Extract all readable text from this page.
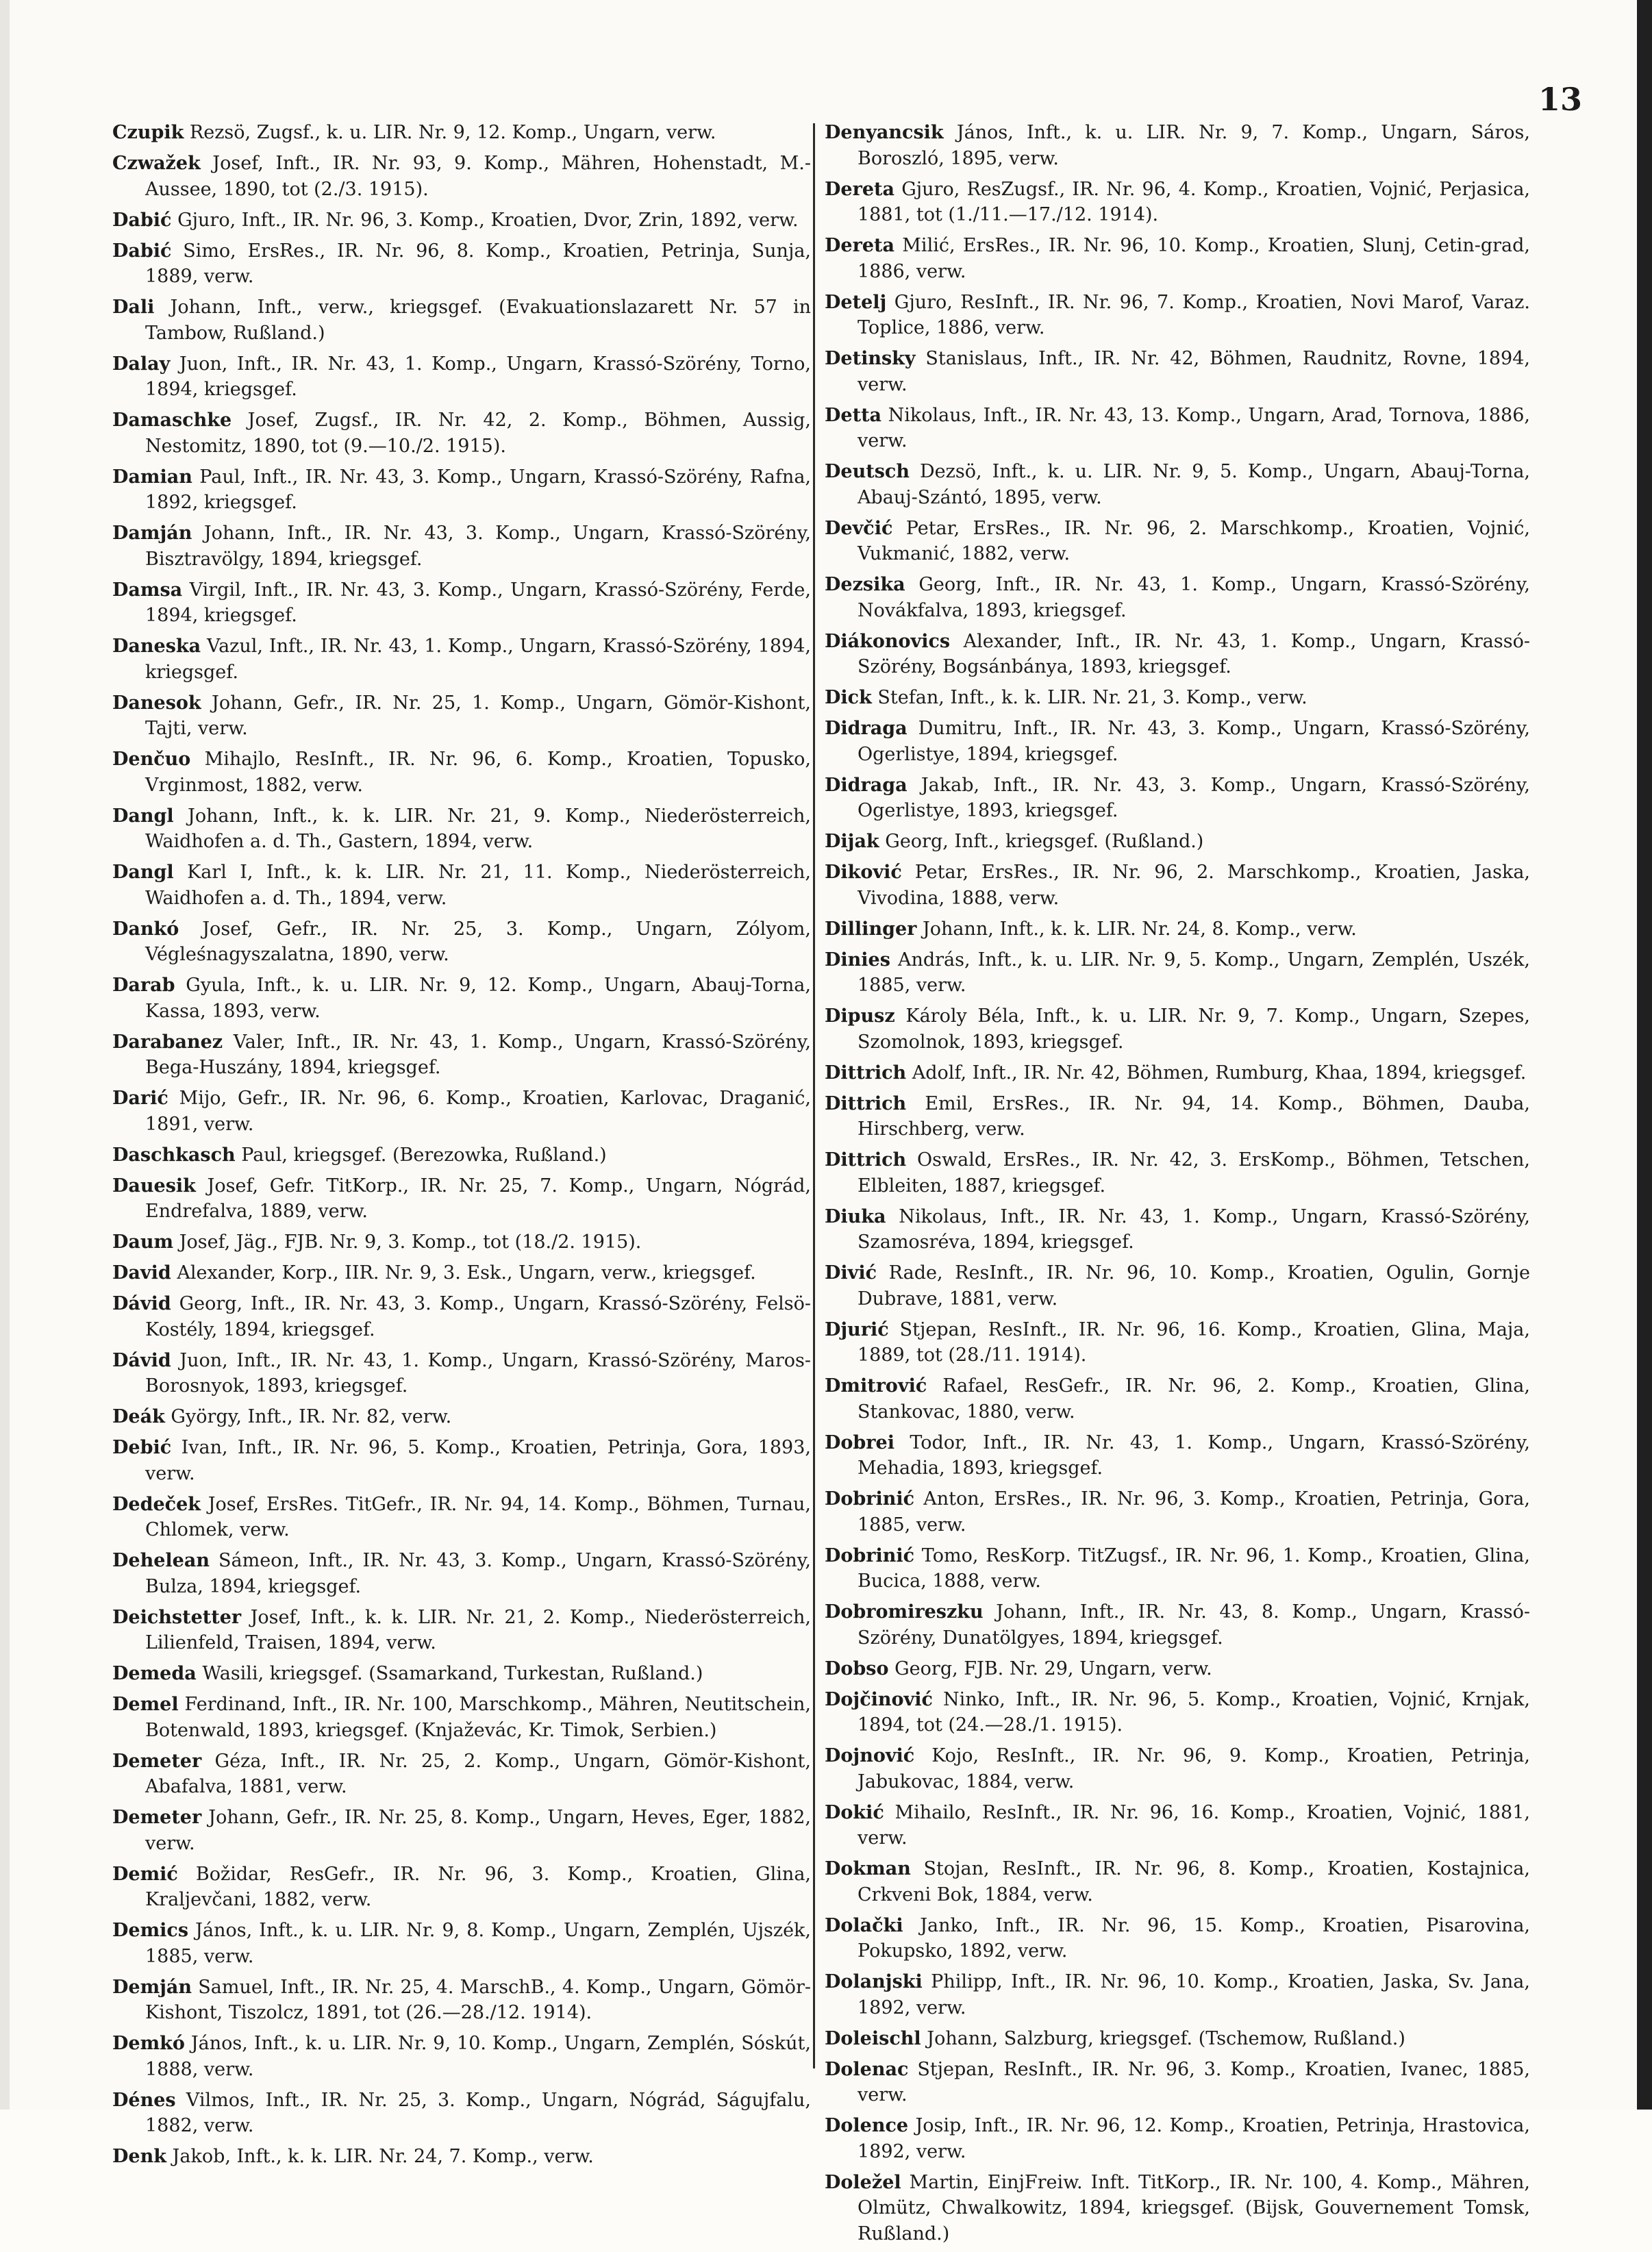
13

Czupik Rezsö, Zugsf., k. u. LIR. Nr. 9, 12. Komp., Ungarn, verw.

Czwažek Josef, Inft., IR. Nr. 93, 9. Komp., Mähren, Hohenstadt, M.-Aussee, 1890, tot (2./3. 1915).

Dabić Gjuro, Inft., IR. Nr. 96, 3. Komp., Kroatien, Dvor, Zrin, 1892, verw.

Dabić Simo, ErsRes., IR. Nr. 96, 8. Komp., Kroatien, Petrinja, Sunja, 1889, verw.

Dali Johann, Inft., verw., kriegsgef. (Evakuationslazarett Nr. 57 in Tambow, Rußland.)

Dalay Juon, Inft., IR. Nr. 43, 1. Komp., Ungarn, Krassó-Szörény, Torno, 1894, kriegsgef.

Damaschke Josef, Zugsf., IR. Nr. 42, 2. Komp., Böhmen, Aussig, Nestomitz, 1890, tot (9.—10./2. 1915).

Damian Paul, Inft., IR. Nr. 43, 3. Komp., Ungarn, Krassó-Szörény, Rafna, 1892, kriegsgef.

Damján Johann, Inft., IR. Nr. 43, 3. Komp., Ungarn, Krassó-Szörény, Bisztravölgy, 1894, kriegsgef.

Damsa Virgil, Inft., IR. Nr. 43, 3. Komp., Ungarn, Krassó-Szörény, Ferde, 1894, kriegsgef.

Daneska Vazul, Inft., IR. Nr. 43, 1. Komp., Ungarn, Krassó-Szörény, 1894, kriegsgef.

Danesok Johann, Gefr., IR. Nr. 25, 1. Komp., Ungarn, Gömör-Kishont, Tajti, verw.

Denčuo Mihajlo, ResInft., IR. Nr. 96, 6. Komp., Kroatien, Topusko, Vrginmost, 1882, verw.

Dangl Johann, Inft., k. k. LIR. Nr. 21, 9. Komp., Niederösterreich, Waidhofen a. d. Th., Gastern, 1894, verw.

Dangl Karl I, Inft., k. k. LIR. Nr. 21, 11. Komp., Niederösterreich, Waidhofen a. d. Th., 1894, verw.

Dankó Josef, Gefr., IR. Nr. 25, 3. Komp., Ungarn, Zólyom, Végleśnagyszalatna, 1890, verw.

Darab Gyula, Inft., k. u. LIR. Nr. 9, 12. Komp., Ungarn, Abauj-Torna, Kassa, 1893, verw.

Darabanez Valer, Inft., IR. Nr. 43, 1. Komp., Ungarn, Krassó-Szörény, Bega-Huszány, 1894, kriegsgef.

Darić Mijo, Gefr., IR. Nr. 96, 6. Komp., Kroatien, Karlovac, Draganić, 1891, verw.

Daschkasch Paul, kriegsgef. (Berezowka, Rußland.)

Dauesik Josef, Gefr. TitKorp., IR. Nr. 25, 7. Komp., Ungarn, Nógrád, Endrefalva, 1889, verw.

Daum Josef, Jäg., FJB. Nr. 9, 3. Komp., tot (18./2. 1915).

David Alexander, Korp., IIR. Nr. 9, 3. Esk., Ungarn, verw., kriegsgef.

Dávid Georg, Inft., IR. Nr. 43, 3. Komp., Ungarn, Krassó-Szörény, Felsö-Kostély, 1894, kriegsgef.

Dávid Juon, Inft., IR. Nr. 43, 1. Komp., Ungarn, Krassó-Szörény, Maros-Borosnyok, 1893, kriegsgef.

Deák György, Inft., IR. Nr. 82, verw.

Debić Ivan, Inft., IR. Nr. 96, 5. Komp., Kroatien, Petrinja, Gora, 1893, verw.

Dedeček Josef, ErsRes. TitGefr., IR. Nr. 94, 14. Komp., Böhmen, Turnau, Chlomek, verw.

Dehelean Sámeon, Inft., IR. Nr. 43, 3. Komp., Ungarn, Krassó-Szörény, Bulza, 1894, kriegsgef.

Deichstetter Josef, Inft., k. k. LIR. Nr. 21, 2. Komp., Niederösterreich, Lilienfeld, Traisen, 1894, verw.

Demeda Wasili, kriegsgef. (Ssamarkand, Turkestan, Rußland.)

Demel Ferdinand, Inft., IR. Nr. 100, Marschkomp., Mähren, Neutitschein, Botenwald, 1893, kriegsgef. (Knjaževác, Kr. Timok, Serbien.)

Demeter Géza, Inft., IR. Nr. 25, 2. Komp., Ungarn, Gömör-Kishont, Abafalva, 1881, verw.

Demeter Johann, Gefr., IR. Nr. 25, 8. Komp., Ungarn, Heves, Eger, 1882, verw.

Demić Božidar, ResGefr., IR. Nr. 96, 3. Komp., Kroatien, Glina, Kraljevčani, 1882, verw.

Demics János, Inft., k. u. LIR. Nr. 9, 8. Komp., Ungarn, Zemplén, Ujszék, 1885, verw.

Demján Samuel, Inft., IR. Nr. 25, 4. MarschB., 4. Komp., Ungarn, Gömör-Kishont, Tiszolcz, 1891, tot (26.—28./12. 1914).

Demkó János, Inft., k. u. LIR. Nr. 9, 10. Komp., Ungarn, Zemplén, Sóskút, 1888, verw.

Dénes Vilmos, Inft., IR. Nr. 25, 3. Komp., Ungarn, Nógrád, Ságujfalu, 1882, verw.

Denk Jakob, Inft., k. k. LIR. Nr. 24, 7. Komp., verw.

Denyancsik János, Inft., k. u. LIR. Nr. 9, 7. Komp., Ungarn, Sáros, Boroszló, 1895, verw.

Dereta Gjuro, ResZugsf., IR. Nr. 96, 4. Komp., Kroatien, Vojnić, Perjasica, 1881, tot (1./11.—17./12. 1914).

Dereta Milić, ErsRes., IR. Nr. 96, 10. Komp., Kroatien, Slunj, Cetin-grad, 1886, verw.

Detelj Gjuro, ResInft., IR. Nr. 96, 7. Komp., Kroatien, Novi Marof, Varaz. Toplice, 1886, verw.

Detinsky Stanislaus, Inft., IR. Nr. 42, Böhmen, Raudnitz, Rovne, 1894, verw.

Detta Nikolaus, Inft., IR. Nr. 43, 13. Komp., Ungarn, Arad, Tornova, 1886, verw.

Deutsch Dezsö, Inft., k. u. LIR. Nr. 9, 5. Komp., Ungarn, Abauj-Torna, Abauj-Szántó, 1895, verw.

Devčić Petar, ErsRes., IR. Nr. 96, 2. Marschkomp., Kroatien, Vojnić, Vukmanić, 1882, verw.

Dezsika Georg, Inft., IR. Nr. 43, 1. Komp., Ungarn, Krassó-Szörény, Novákfalva, 1893, kriegsgef.

Diákonovics Alexander, Inft., IR. Nr. 43, 1. Komp., Ungarn, Krassó-Szörény, Bogsánbánya, 1893, kriegsgef.

Dick Stefan, Inft., k. k. LIR. Nr. 21, 3. Komp., verw.

Didraga Dumitru, Inft., IR. Nr. 43, 3. Komp., Ungarn, Krassó-Szörény, Ogerlistye, 1894, kriegsgef.

Didraga Jakab, Inft., IR. Nr. 43, 3. Komp., Ungarn, Krassó-Szörény, Ogerlistye, 1893, kriegsgef.

Dijak Georg, Inft., kriegsgef. (Rußland.)

Diković Petar, ErsRes., IR. Nr. 96, 2. Marschkomp., Kroatien, Jaska, Vivodina, 1888, verw.

Dillinger Johann, Inft., k. k. LIR. Nr. 24, 8. Komp., verw.

Dinies András, Inft., k. u. LIR. Nr. 9, 5. Komp., Ungarn, Zemplén, Uszék, 1885, verw.

Dipusz Károly Béla, Inft., k. u. LIR. Nr. 9, 7. Komp., Ungarn, Szepes, Szomolnok, 1893, kriegsgef.

Dittrich Adolf, Inft., IR. Nr. 42, Böhmen, Rumburg, Khaa, 1894, kriegsgef.

Dittrich Emil, ErsRes., IR. Nr. 94, 14. Komp., Böhmen, Dauba, Hirschberg, verw.

Dittrich Oswald, ErsRes., IR. Nr. 42, 3. ErsKomp., Böhmen, Tetschen, Elbleiten, 1887, kriegsgef.

Diuka Nikolaus, Inft., IR. Nr. 43, 1. Komp., Ungarn, Krassó-Szörény, Szamosréva, 1894, kriegsgef.

Divić Rade, ResInft., IR. Nr. 96, 10. Komp., Kroatien, Ogulin, Gornje Dubrave, 1881, verw.

Djurić Stjepan, ResInft., IR. Nr. 96, 16. Komp., Kroatien, Glina, Maja, 1889, tot (28./11. 1914).

Dmitrović Rafael, ResGefr., IR. Nr. 96, 2. Komp., Kroatien, Glina, Stankovac, 1880, verw.

Dobrei Todor, Inft., IR. Nr. 43, 1. Komp., Ungarn, Krassó-Szörény, Mehadia, 1893, kriegsgef.

Dobrinić Anton, ErsRes., IR. Nr. 96, 3. Komp., Kroatien, Petrinja, Gora, 1885, verw.

Dobrinić Tomo, ResKorp. TitZugsf., IR. Nr. 96, 1. Komp., Kroatien, Glina, Bucica, 1888, verw.

Dobromireszku Johann, Inft., IR. Nr. 43, 8. Komp., Ungarn, Krassó-Szörény, Dunatölgyes, 1894, kriegsgef.

Dobso Georg, FJB. Nr. 29, Ungarn, verw.

Dojčinović Ninko, Inft., IR. Nr. 96, 5. Komp., Kroatien, Vojnić, Krnjak, 1894, tot (24.—28./1. 1915).

Dojnović Kojo, ResInft., IR. Nr. 96, 9. Komp., Kroatien, Petrinja, Jabukovac, 1884, verw.

Dokić Mihailo, ResInft., IR. Nr. 96, 16. Komp., Kroatien, Vojnić, 1881, verw.

Dokman Stojan, ResInft., IR. Nr. 96, 8. Komp., Kroatien, Kostajnica, Crkveni Bok, 1884, verw.

Dolački Janko, Inft., IR. Nr. 96, 15. Komp., Kroatien, Pisarovina, Pokupsko, 1892, verw.

Dolanjski Philipp, Inft., IR. Nr. 96, 10. Komp., Kroatien, Jaska, Sv. Jana, 1892, verw.

Doleischl Johann, Salzburg, kriegsgef. (Tschemow, Rußland.)

Dolenac Stjepan, ResInft., IR. Nr. 96, 3. Komp., Kroatien, Ivanec, 1885, verw.

Dolence Josip, Inft., IR. Nr. 96, 12. Komp., Kroatien, Petrinja, Hrastovica, 1892, verw.

Doležel Martin, EinjFreiw. Inft. TitKorp., IR. Nr. 100, 4. Komp., Mähren, Olmütz, Chwalkowitz, 1894, kriegsgef. (Bijsk, Gouvernement Tomsk, Rußland.)
